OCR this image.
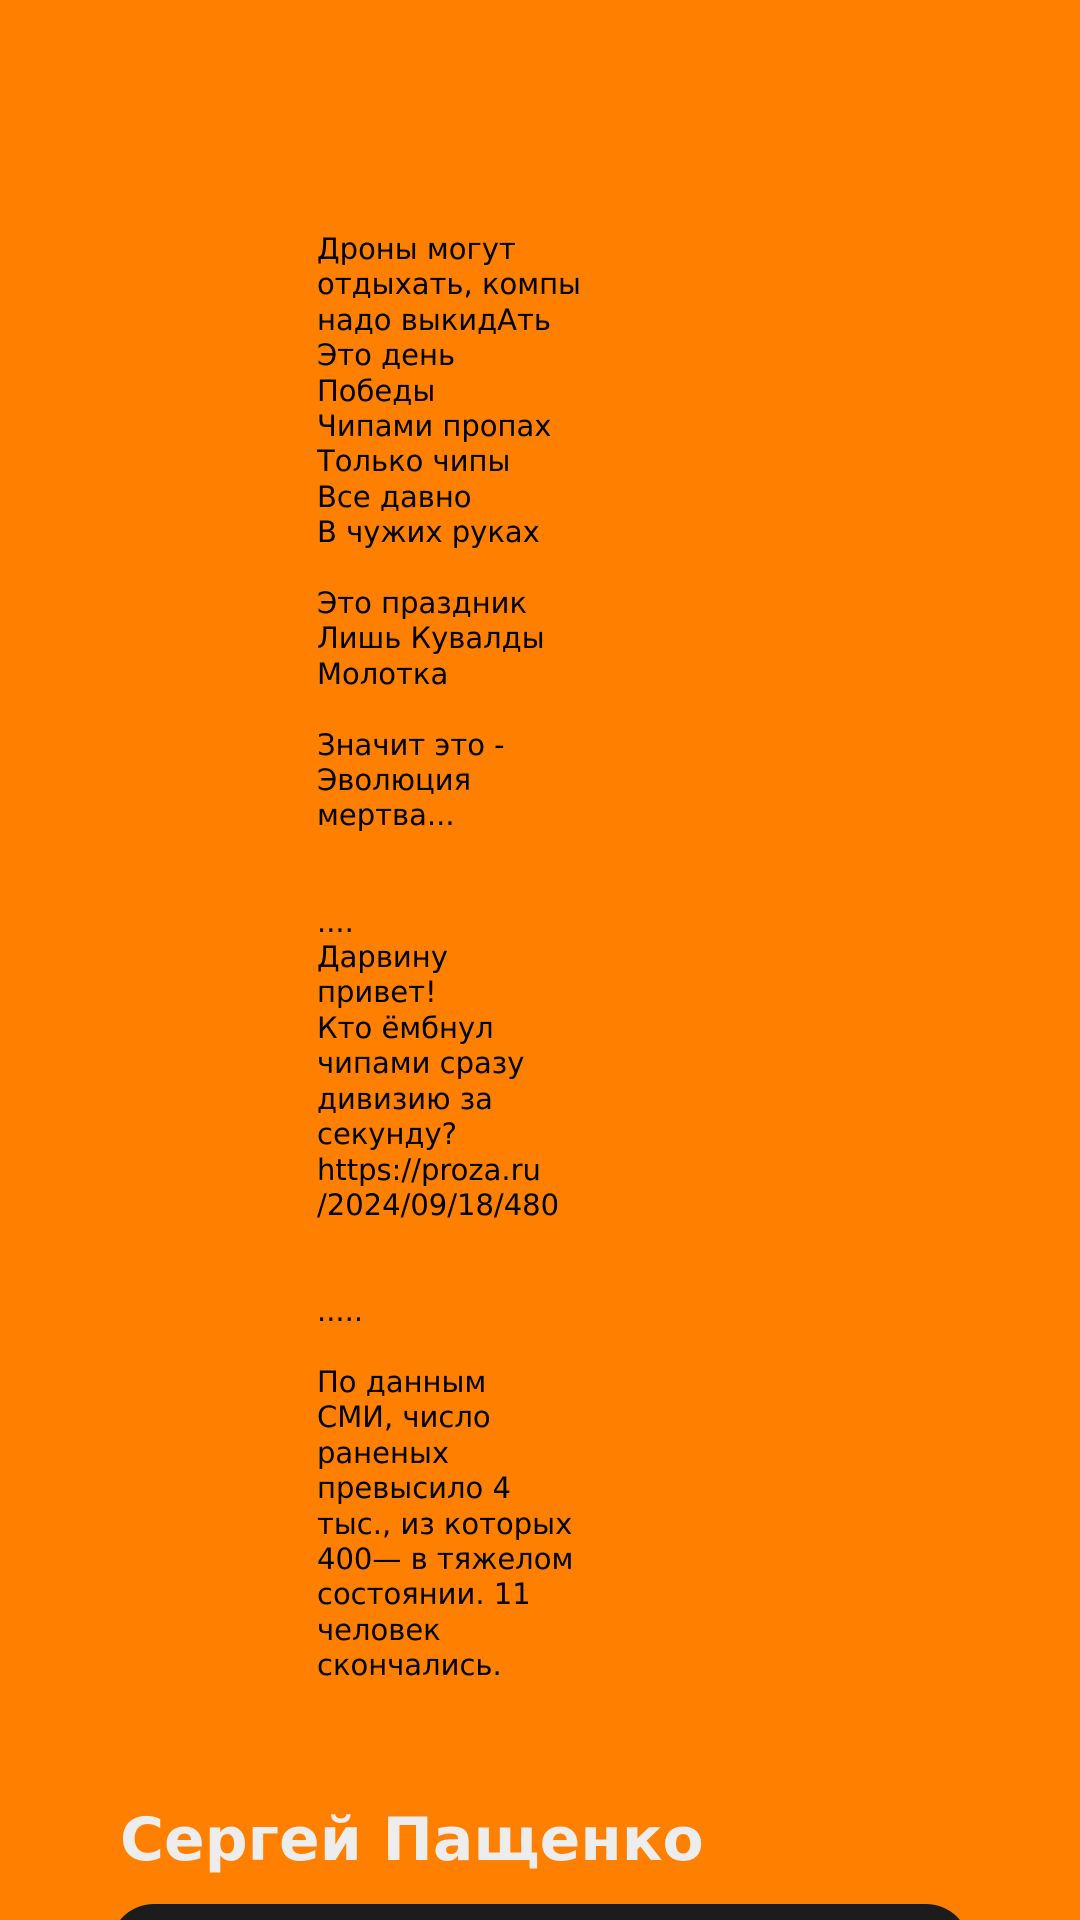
Дроны могут
отдыхать, компы
надо выкидАть
Это день
Победы
Чипами пропах
Только чипы
Все давно
В чужих руках
Это праздник
Лишь Кувалды
Молотка
Значит это -
Эволюция
мертва...
....
Дарвину
привет!
Кто ёмбнул
чипами сразу
дивизию за
секунду?
https://proza.ru
/2024/09/18/480
.....
По данным
СМИ, число
раненых
превысило 4
тыс., из которых
400— в тяжелом
состоянии. 11
человек
скончались.
Сергей Пащенко
